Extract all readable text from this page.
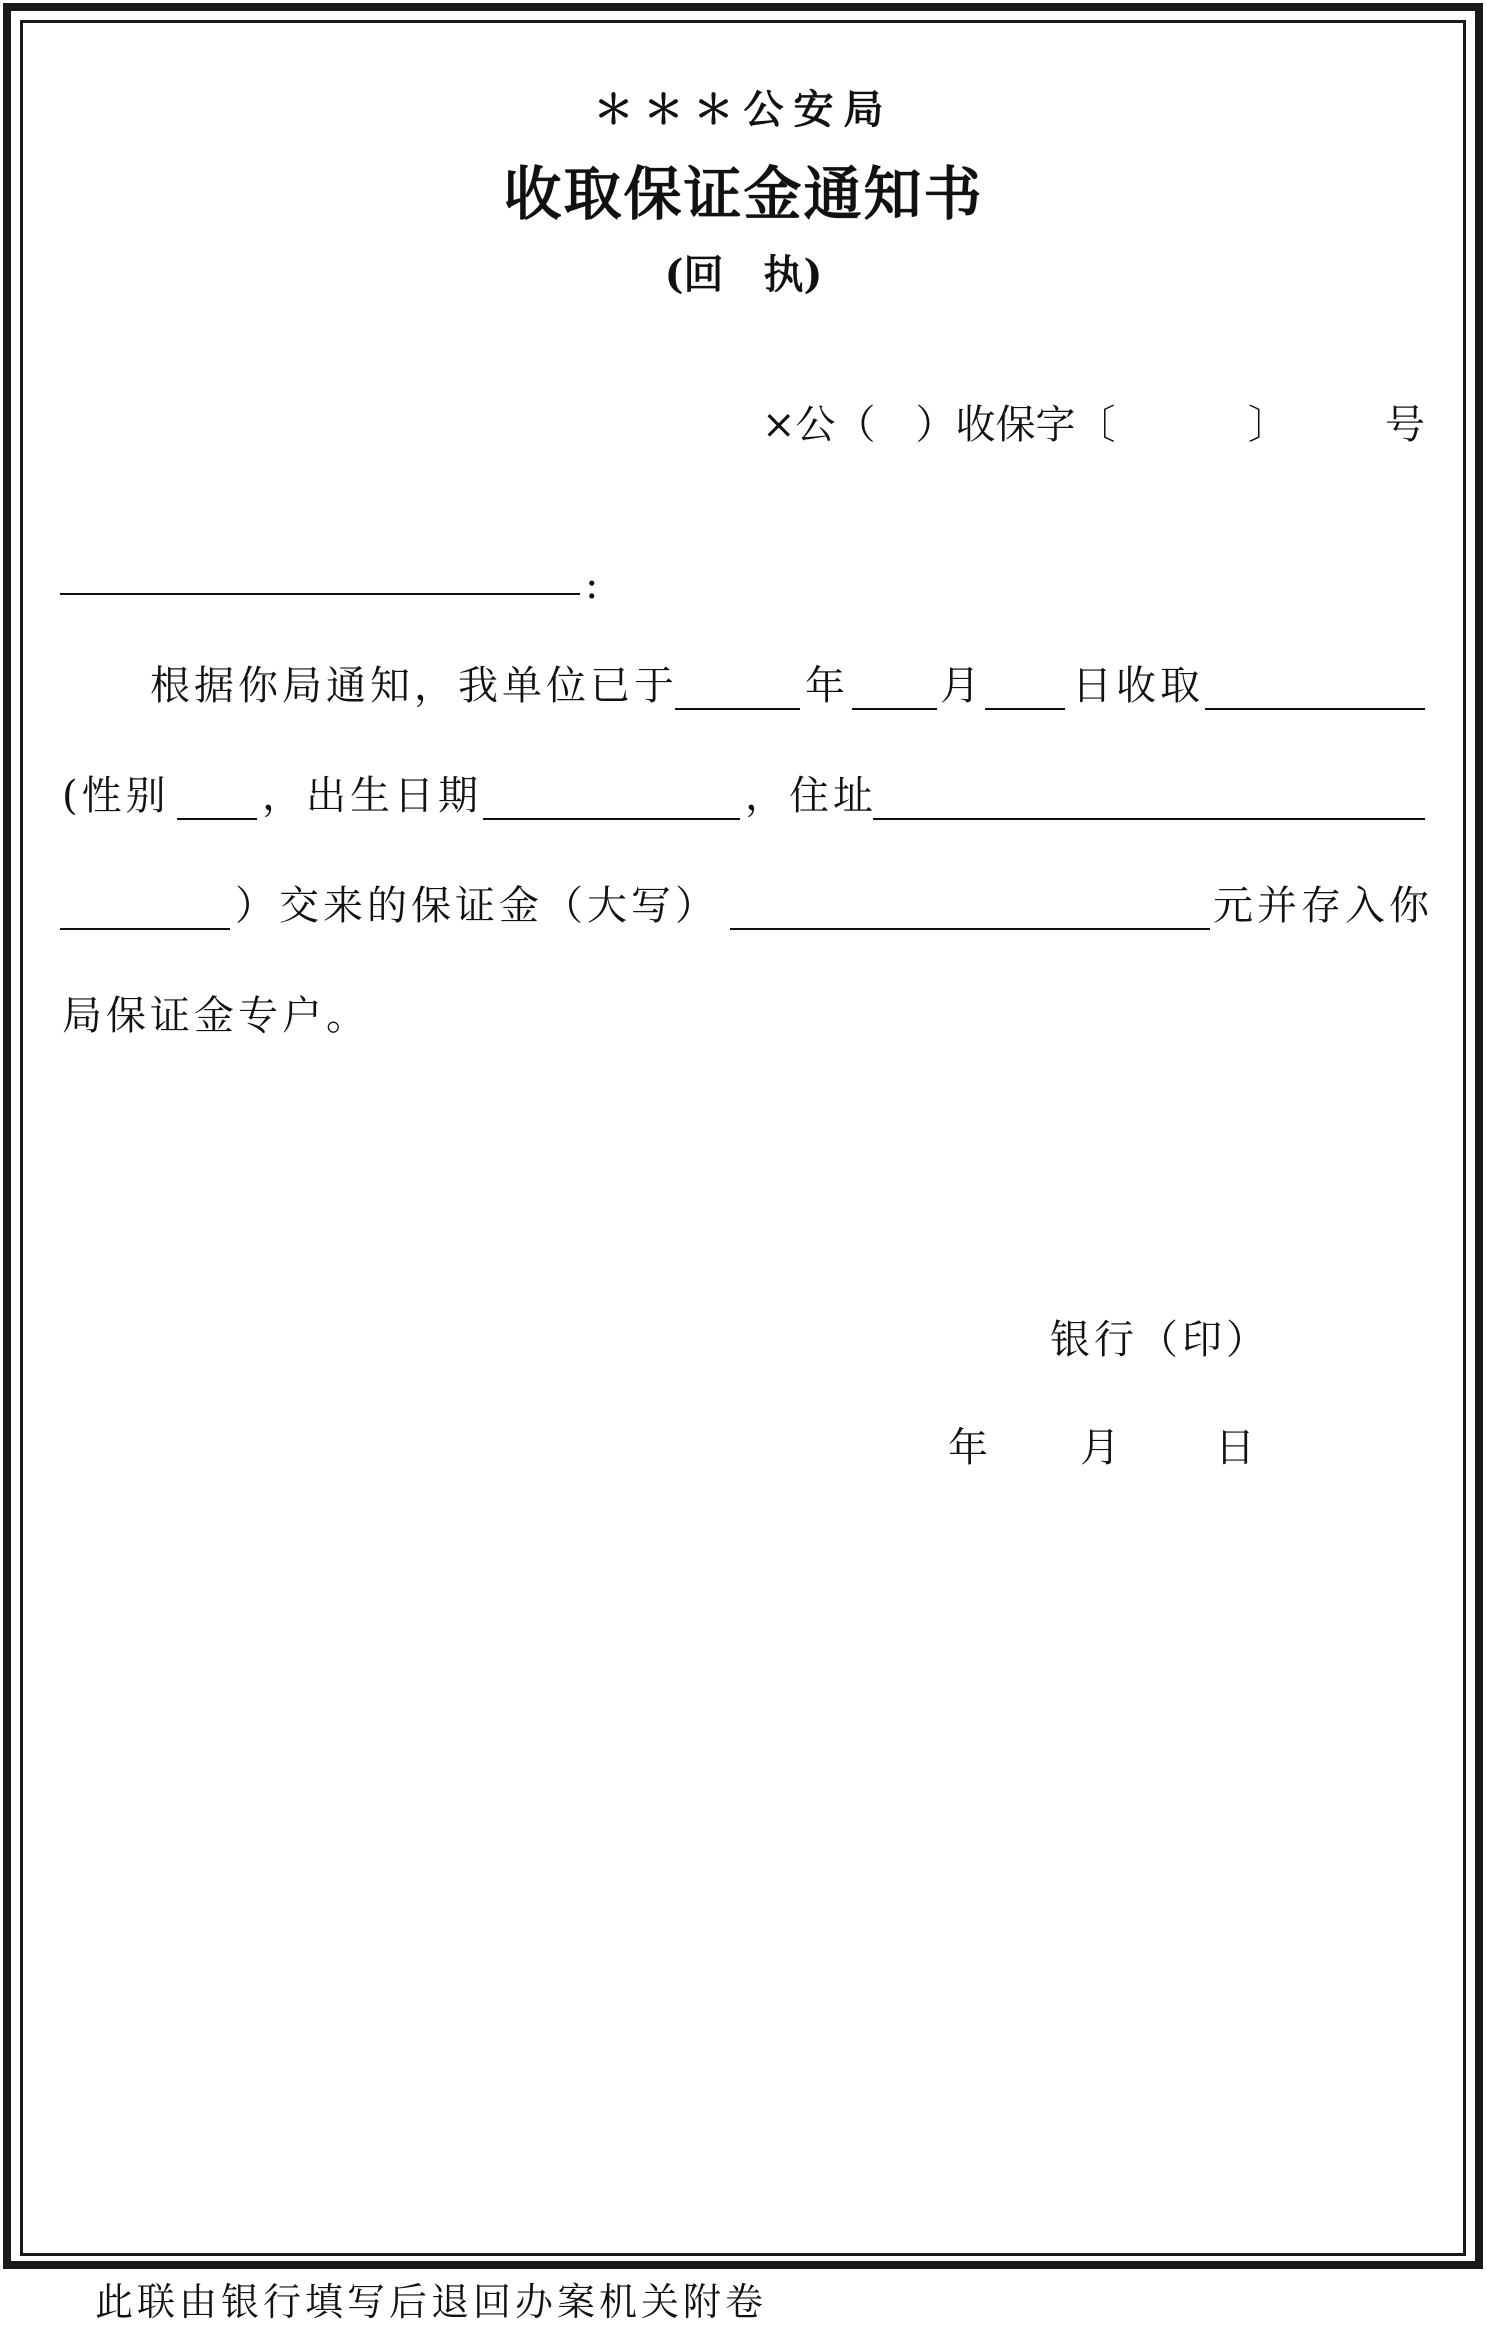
＊＊＊公安局
收取保证金通知书
(回　执)
×公（　）收保字〔	〕 号
:
根据你局通知，我单位已于	年 月 日收取
(性别 ，出生日期	，住址
）交来的保证金（大写）	元并存入你
局保证金专户。
银行（印）
年 月 日
此联由银行填写后退回办案机关附卷
